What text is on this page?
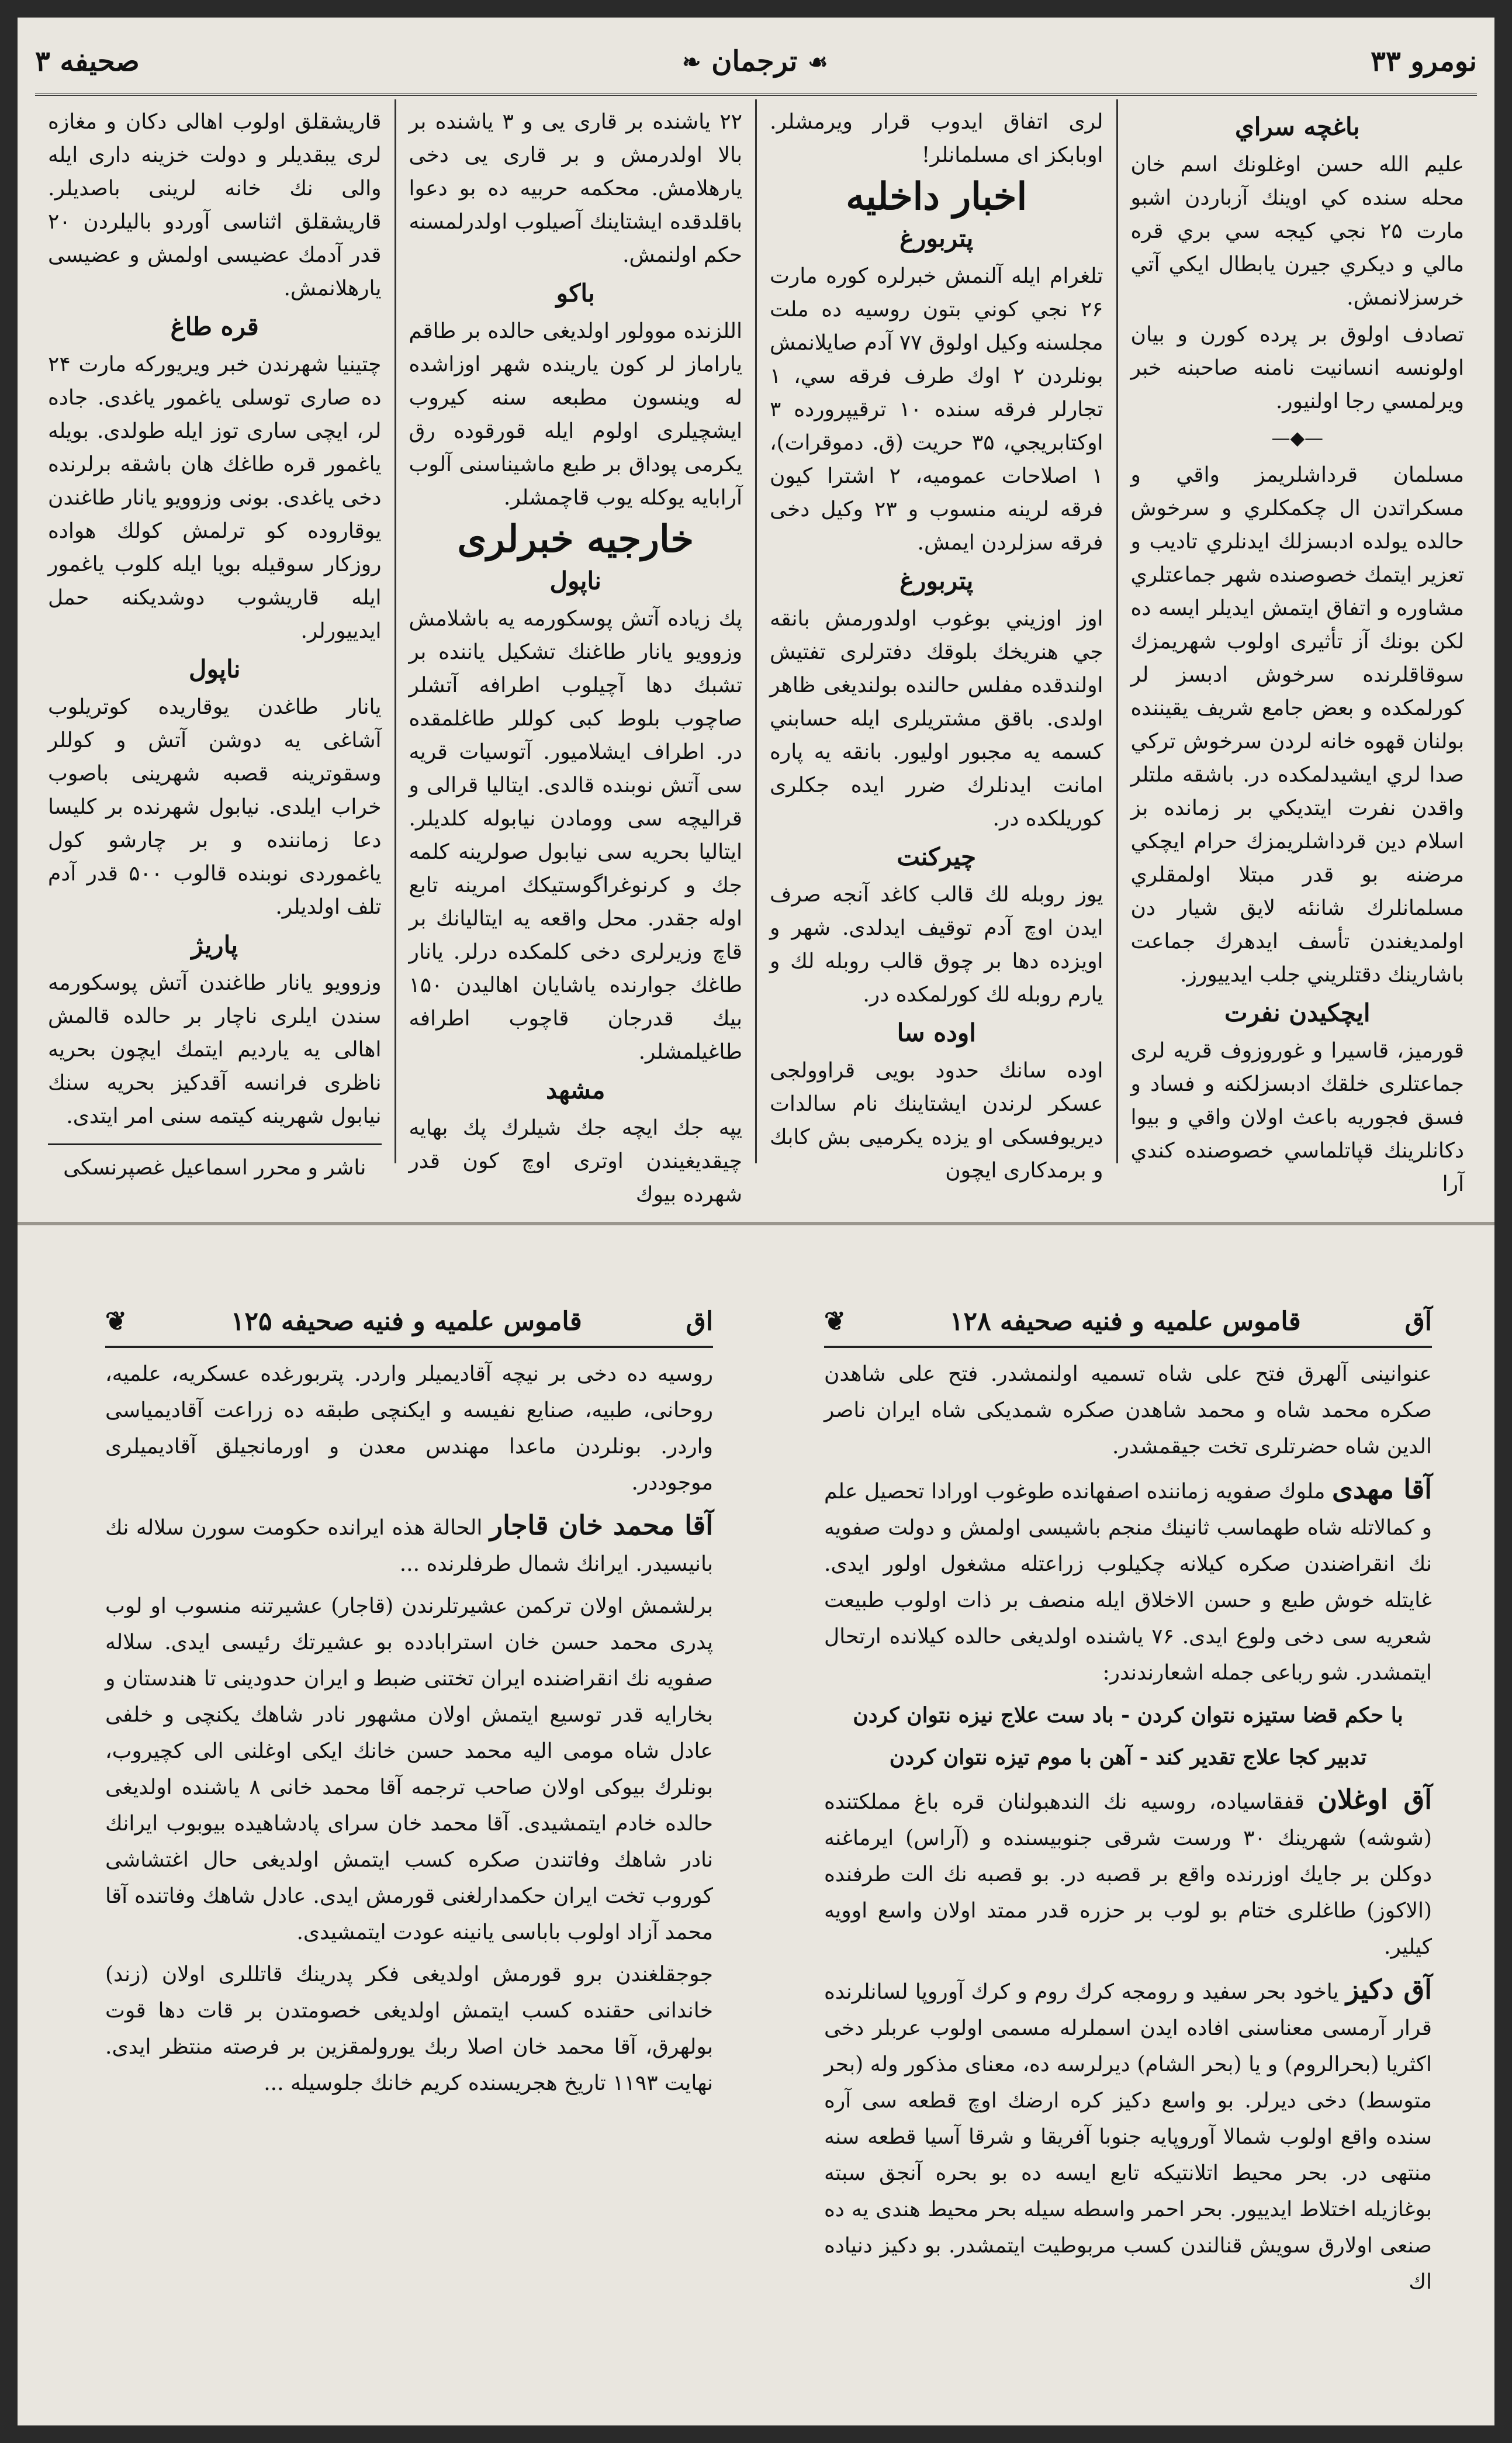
صحيفه ۳	❧ ترجمان ☙	نومرو ۳۳
باغچه سراي

عليم الله حسن اوغلونك اسم خان محله سنده كي اوينك آزباردن اشبو مارت ۲۵ نجي كيجه سي بري قره مالي و ديكري جيرن يابطال ايكي آتي خرسزلانمش.

تصادف اولوق بر پرده كورن و بيان اولونسه انسانيت نامنه صاحبنه خبر ويرلمسي رجا اولنيور.

—◆—

مسلمان قرداشلريمز واقي و مسكراتدن ال چكمكلري و سرخوش حالده يولده ادبسزلك ايدنلري تاديب و تعزير ايتمك خصوصنده شهر جماعتلري مشاوره و اتفاق ايتمش ايديلر ايسه ده لكن بونك آز تأثيرى اولوب شهريمزك سوقاقلرنده سرخوش ادبسز لر كورلمكده و بعض جامع شريف يقيننده بولنان قهوه خانه لردن سرخوش تركي صدا لري ايشيدلمكده در. باشقه ملتلر واقدن نفرت ايتديكي بر زمانده بز اسلام دين قرداشلريمزك حرام ايچكي مرضنه بو قدر مبتلا اولمقلري مسلمانلرك شانئه لايق شيار دن اولمديغندن تأسف ايدهرك جماعت باشارينك دقتلريني جلب ايدييورز.

ايچكيدن نفرت

قورميز، قاسيرا و غوروزوف قريه لرى جماعتلرى خلقك ادبسزلكنه و فساد و فسق فجوريه باعث اولان واقي و بيوا دكانلرينك قپاتلماسي خصوصنده كندي آرا

لرى اتفاق ايدوب قرار ويرمشلر. اوبابكز اى مسلمانلر!

اخبار داخليه
پتربورغ

تلغرام ايله آلنمش خبرلره كوره مارت ۲۶ نجي كوني بتون روسيه ده ملت مجلسنه وكيل اولوق ۷۷ آدم صايلانمش بونلردن ۲ اوك طرف فرقه سي، ۱ تجارلر فرقه سنده ۱۰ ترقيپرورده ۳ اوكتابريجي، ۳۵ حريت (ق. دموقرات)، ۱ اصلاحات عموميه، ۲ اشترا كيون فرقه لرينه منسوب و ۲۳ وكيل دخى فرقه سزلردن ايمش.

پتربورغ

اوز اوزيني بوغوب اولدورمش بانقه جي هنريخك بلوقك دفترلرى تفتيش اولندقده مفلس حالنده بولنديغى ظاهر اولدى. باقق مشتريلرى ايله حسابني كسمه يه مجبور اوليور. بانقه يه پاره امانت ايدنلرك ضرر ايده جكلرى كوريلكده در.

چيركنت

يوز روبله لك قالب كاغد آنجه صرف ايدن اوچ آدم توقيف ايدلدى. شهر و اويزده دها بر چوق قالب روبله لك و يارم روبله لك كورلمكده در.

اوده سا

اوده سانك حدود بويى قراوولجى عسكر لرندن ايشتاينك نام سالدات ديريوفسكى او يزده يكرميى بش كابك و برمدكارى ايچون

۲۲ ياشنده بر قارى يى و ۳ ياشنده بر بالا اولدرمش و بر قارى يى دخى يارهلامش. محكمه حربيه ده بو دعوا باقلدقده ايشتاينك آصيلوب اولدرلمسنه حكم اولنمش.

باكو

اللزنده موولور اولديغى حالده بر طاقم ياراماز لر كون يارينده شهر اوزاشده له وينسون مطبعه سنه كيروب ايشچيلرى اولوم ايله قورقوده رق يكرمى پوداق بر طبع ماشيناسنى آلوب آرابايه يوكله يوب قاچمشلر.

خارجيه خبرلرى
ناپول

پك زياده آتش پوسكورمه يه باشلامش وزوويو يانار طاغنك تشكيل ياننده بر تشبك دها آچيلوب اطرافه آتشلر صاچوب بلوط كبى كوللر طاغلمقده در. اطراف ايشلاميور. آتوسيات قريه سى آتش نوبنده قالدى. ايتاليا قرالى و قراليچه سى وومادن نيابوله كلديلر. ايتاليا بحريه سى نيابول صولرينه كلمه جك و كرنوغراگوستيكك امرينه تابع اوله جقدر. محل واقعه يه ايتاليانك بر قاچ وزيرلرى دخى كلمكده درلر. يانار طاغك جوارنده ياشايان اهاليدن ۱۵۰ بيك قدرجان قاچوب اطرافه طاغيلمشلر.

مشهد

يپه جك ايچه جك شيلرك پك بهايه چيقديغيندن اوترى اوچ كون قدر شهرده بيوك

قاريشقلق اولوب اهالى دكان و مغازه لرى يبقديلر و دولت خزينه دارى ايله والى نك خانه لرينى باصديلر. قاريشقلق اثناسى آوردو باليلردن ۲۰ قدر آدمك عضيسى اولمش و عضيسى يارهلانمش.

قره طاغ

چتينيا شهرندن خبر ويريوركه مارت ۲۴ ده صارى توسلى ياغمور ياغدى. جاده لر، ايچى سارى توز ايله طولدى. بويله ياغمور قره طاغك هان باشقه برلرنده دخى ياغدى. بونى وزوويو يانار طاغندن يوقاروده كو ترلمش كولك هواده روزكار سوقيله بويا ايله كلوب ياغمور ايله قاريشوب دوشديكنه حمل ايدييورلر.

ناپول

يانار طاغدن يوقاريده كوتريلوب آشاغى يه دوشن آتش و كوللر وسقوترينه قصبه شهرينى باصوب خراب ايلدى. نيابول شهرنده بر كليسا دعا زماننده و بر چارشو كول ياغموردى نوبنده قالوب ۵۰۰ قدر آدم تلف اولديلر.

پاريژ

وزوويو يانار طاغندن آتش پوسكورمه سندن ايلرى ناچار بر حالده قالمش اهالى يه يارديم ايتمك ايچون بحريه ناظرى فرانسه آقدكيز بحريه سنك نيابول شهرينه كيتمه سنى امر ايتدى.

ناشر و محرر اسماعيل غصپرنسكى
اق
قاموس علميه و فنيه
صحيفه ۱۲۵
❦

روسيه ده دخى بر نيچه آقاديميلر واردر. پتربورغده عسكريه، علميه، روحانى، طبيه، صنايع نفيسه و ايكنچى طبقه ده زراعت آقاديمياسى واردر. بونلردن ماعدا مهندس معدن و اورمانجيلق آقاديميلرى موجوددر.

آقا محمد خان قاجار الحالة هذه ايرانده حكومت سورن سلاله نك بانيسيدر. ايرانك شمال طرفلرنده ...

برلشمش اولان تركمن عشيرتلرندن (قاجار) عشيرتنه منسوب او لوب پدرى محمد حسن خان استرابادده بو عشيرتك رئيسى ايدى. سلاله صفويه نك انقراضنده ايران تختنى ضبط و ايران حدودينى تا هندستان و بخارايه قدر توسيع ايتمش اولان مشهور نادر شاهك يكنچى و خلفى عادل شاه مومى اليه محمد حسن خانك ايكى اوغلنى الى كچيروب، بونلرك بيوكى اولان صاحب ترجمه آقا محمد خانى ۸ ياشنده اولديغى حالده خادم ايتمشيدى. آقا محمد خان سراى پادشاهيده بيوبوب ايرانك نادر شاهك وفاتندن صكره كسب ايتمش اولديغى حال اغتشاشى كوروب تخت ايران حكمدارلغنى قورمش ايدى. عادل شاهك وفاتنده آقا محمد آزاد اولوب باباسى يانينه عودت ايتمشيدى.

جوجقلغندن برو قورمش اولديغى فكر پدرينك قاتللرى اولان (زند) خاندانى حقنده كسب ايتمش اولديغى خصومتدن بر قات دها قوت بولهرق، آقا محمد خان اصلا ربك يورولمقزين بر فرصته منتظر ايدى. نهايت ۱۱۹۳ تاريخ هجريسنده كريم خانك جلوسيله ...

آق
قاموس علميه و فنيه
صحيفه ۱۲۸
❦

عنوانينى آلهرق فتح على شاه تسميه اولنمشدر. فتح على شاهدن صكره محمد شاه و محمد شاهدن صكره شمديكى شاه ايران ناصر الدين شاه حضرتلرى تخت جيقمشدر.

آقا مهدى ملوك صفويه زماننده اصفهانده طوغوب اورادا تحصيل علم و كمالاتله شاه طهماسب ثانينك منجم باشيسى اولمش و دولت صفويه نك انقراضندن صكره كيلانه چكيلوب زراعتله مشغول اولور ايدى. غايتله خوش طبع و حسن الاخلاق ايله منصف بر ذات اولوب طبيعت شعريه سى دخى ولوع ايدى. ۷۶ ياشنده اولديغى حالده كيلانده ارتحال ايتمشدر. شو رباعى جمله اشعارندندر:

با حكم قضا ستيزه نتوان كردن - باد ست علاج نيزه نتوان كردن

تدبير كجا علاج تقدير كند - آهن با موم تيزه نتوان كردن

آق اوغلان قفقاسياده، روسيه نك الندهبولنان قره باغ مملكتنده (شوشه) شهرينك ۳۰ ورست شرقى جنوبيسنده و (آراس) ايرماغنه دوكلن بر جايك اوزرنده واقع بر قصبه در. بو قصبه نك الت طرفنده (الاكوز) طاغلرى ختام بو لوب بر حزره قدر ممتد اولان واسع اوويه كيلير.

آق دكيز ياخود بحر سفيد و رومجه كرك روم و كرك آوروپا لسانلرنده قرار آرمسى معناسنى افاده ايدن اسملرله مسمى اولوب عربلر دخى اكثريا (بحرالروم) و يا (بحر الشام) ديرلرسه ده، معناى مذكور وله (بحر متوسط) دخى ديرلر. بو واسع دكيز كره ارضك اوچ قطعه سى آره سنده واقع اولوب شمالا آوروپايه جنوبا آفريقا و شرقا آسيا قطعه سنه منتهى در. بحر محيط اتلانتيكه تابع ايسه ده بو بحره آنجق سبته بوغازيله اختلاط ايدييور. بحر احمر واسطه سيله بحر محيط هندى يه ده صنعى اولارق سويش قنالندن كسب مربوطيت ايتمشدر. بو دكيز دنياده اك
